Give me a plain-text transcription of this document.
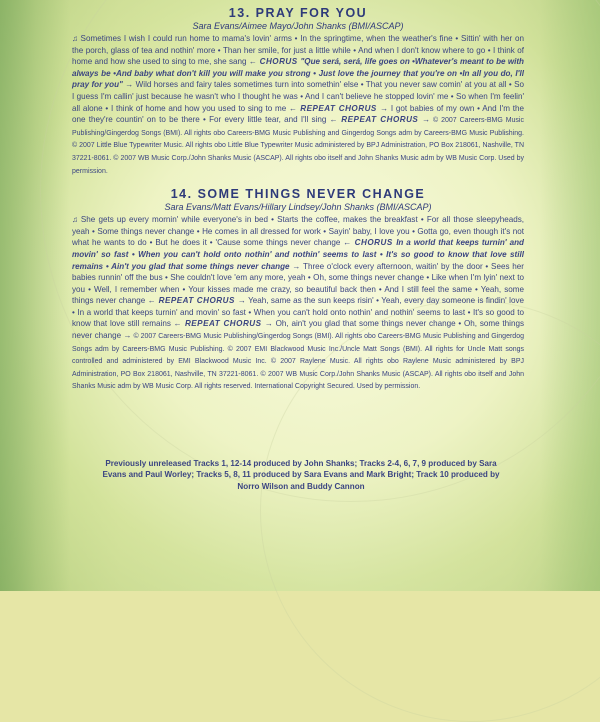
13. PRAY FOR YOU
Sara Evans/Aimee Mayo/John Shanks (BMI/ASCAP)

♫ Sometimes I wish I could run home to mama's lovin' arms • In the springtime, when the weather's fine • Sittin' with her on the porch, glass of tea and nothin' more • Than her smile, for just a little while • And when I don't know where to go • I think of home and how she used to sing to me, she sang ← CHORUS "Que será, será, life goes on •Whatever's meant to be with always be •And baby what don't kill you will make you strong • Just love the journey that you're on •In all you do, I'll pray for you" → Wild horses and fairy tales sometimes turn into somethin' else • That you never saw comin' at you at all • So I guess I'm callin' just because he wasn't who I thought he was • And I can't believe he stopped lovin' me • So when I'm feelin' all alone • I think of home and how you used to sing to me ← REPEAT CHORUS → I got babies of my own • And I'm the one they're countin' on to be there • For every little tear, and I'll sing ← REPEAT CHORUS → © 2007 Careers-BMG Music Publishing/Gingerdog Songs (BMI). All rights obo Careers-BMG Music Publishing and Gingerdog Songs adm by Careers-BMG Music Publishing. © 2007 Little Blue Typewriter Music. All rights obo Little Blue Typewriter Music administered by BPJ Administration, PO Box 218061, Nashville, TN 37221-8061. © 2007 WB Music Corp./John Shanks Music (ASCAP). All rights obo itself and John Shanks Music adm by WB Music Corp. Used by permission.

14. SOME THINGS NEVER CHANGE
Sara Evans/Matt Evans/Hillary Lindsey/John Shanks (BMI/ASCAP)

♫ She gets up every mornin' while everyone's in bed • Starts the coffee, makes the breakfast • For all those sleepyheads, yeah • Some things never change • He comes in all dressed for work • Sayin' baby, I love you • Gotta go, even though it's not what he wants to do • But he does it • 'Cause some things never change ← CHORUS In a world that keeps turnin' and movin' so fast • When you can't hold onto nothin' and nothin' seems to last • It's so good to know that love still remains • Ain't you glad that some things never change → Three o'clock every afternoon, waitin' by the door • Sees her babies runnin' off the bus • She couldn't love 'em any more, yeah • Oh, some things never change • Like when I'm lyin' next to you • Well, I remember when • Your kisses made me crazy, so beautiful back then • And I still feel the same • Yeah, some things never change ← REPEAT CHORUS → Yeah, same as the sun keeps risin' • Yeah, every day someone is findin' love • In a world that keeps turnin' and movin' so fast • When you can't hold onto nothin' and nothin' seems to last • It's so good to know that love still remains ← REPEAT CHORUS → Oh, ain't you glad that some things never change • Oh, some things never change → © 2007 Careers-BMG Music Publishing/Gingerdog Songs (BMI). All rights obo Careers-BMG Music Publishing and Gingerdog Songs adm by Careers-BMG Music Publishing. © 2007 EMI Blackwood Music Inc./Uncle Matt Songs (BMI). All rights for Uncle Matt songs controlled and administered by EMI Blackwood Music Inc. © 2007 Raylene Music. All rights obo Raylene Music administered by BPJ Administration, PO Box 218061, Nashville, TN 37221-8061. © 2007 WB Music Corp./John Shanks Music (ASCAP). All rights obo itself and John Shanks Music adm by WB Music Corp. All rights reserved. International Copyright Secured. Used by permission.

Previously unreleased Tracks 1, 12-14 produced by John Shanks; Tracks 2-4, 6, 7, 9 produced by Sara Evans and Paul Worley; Tracks 5, 8, 11 produced by Sara Evans and Mark Bright; Track 10 produced by Norro Wilson and Buddy Cannon
